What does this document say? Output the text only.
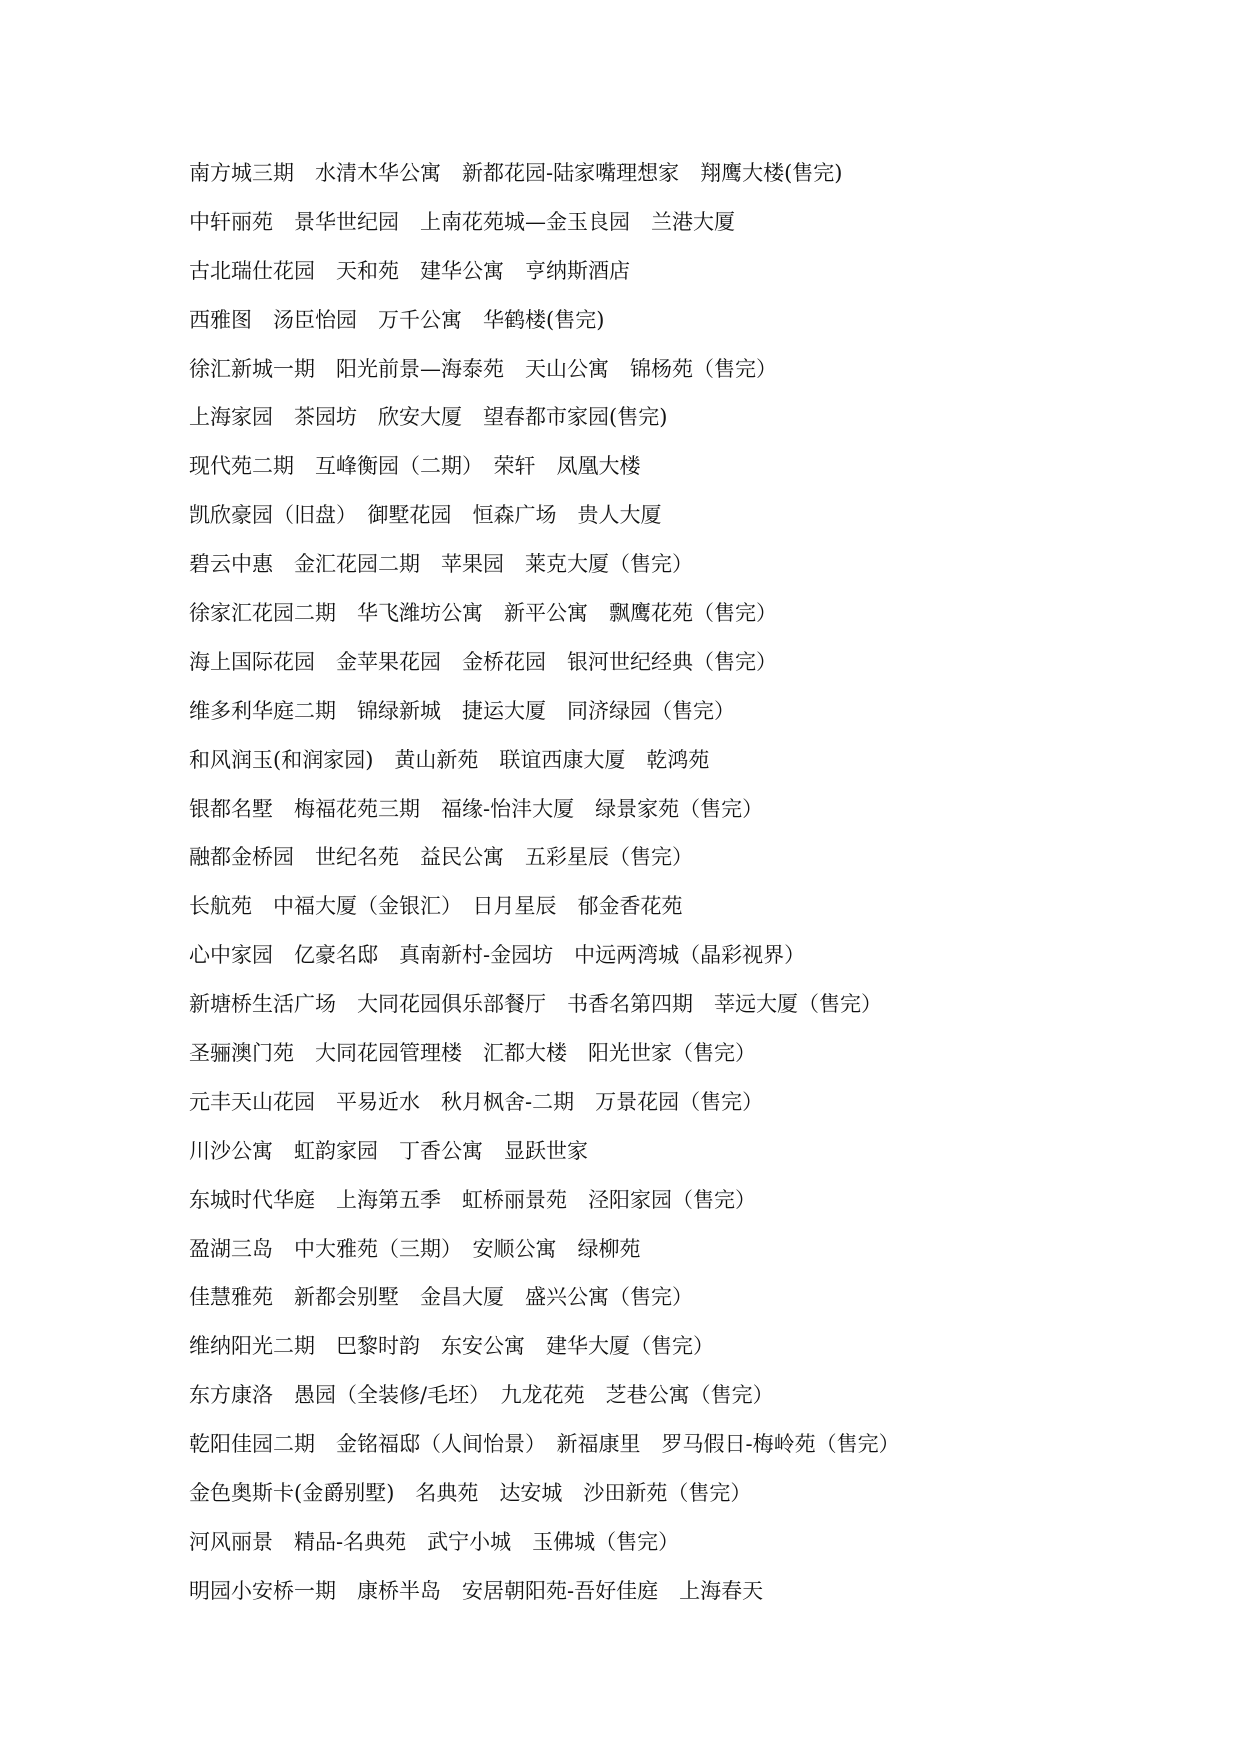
南方城三期　水清木华公寓　新都花园-陆家嘴理想家　翔鹰大楼(售完)
中轩丽苑　景华世纪园　上南花苑城—金玉良园　兰港大厦
古北瑞仕花园　天和苑　建华公寓　亨纳斯酒店
西雅图　汤臣怡园　万千公寓　华鹤楼(售完)
徐汇新城一期　阳光前景—海泰苑　天山公寓　锦杨苑（售完）
上海家园　茶园坊　欣安大厦　望春都市家园(售完)
现代苑二期　互峰衡园（二期）　荣轩　凤凰大楼
凯欣豪园（旧盘）　御墅花园　恒森广场　贵人大厦
碧云中惠　金汇花园二期　苹果园　莱克大厦（售完）
徐家汇花园二期　华飞潍坊公寓　新平公寓　飘鹰花苑（售完）
海上国际花园　金苹果花园　金桥花园　银河世纪经典（售完）
维多利华庭二期　锦绿新城　捷运大厦　同济绿园（售完）
和风润玉(和润家园)　黄山新苑　联谊西康大厦　乾鸿苑
银都名墅　梅福花苑三期　福缘-怡沣大厦　绿景家苑（售完）
融都金桥园　世纪名苑　益民公寓　五彩星辰（售完）
长航苑　中福大厦（金银汇）　日月星辰　郁金香花苑
心中家园　亿豪名邸　真南新村-金园坊　中远两湾城（晶彩视界）
新塘桥生活广场　大同花园俱乐部餐厅　书香名第四期　莘远大厦（售完）
圣骊澳门苑　大同花园管理楼　汇都大楼　阳光世家（售完）
元丰天山花园　平易近水　秋月枫舍-二期　万景花园（售完）
川沙公寓　虹韵家园　丁香公寓　显跃世家
东城时代华庭　上海第五季　虹桥丽景苑　泾阳家园（售完）
盈湖三岛　中大雅苑（三期）　安顺公寓　绿柳苑
佳慧雅苑　新都会别墅　金昌大厦　盛兴公寓（售完）
维纳阳光二期　巴黎时韵　东安公寓　建华大厦（售完）
东方康洛　愚园（全装修/毛坯）　九龙花苑　芝巷公寓（售完）
乾阳佳园二期　金铭福邸（人间怡景）　新福康里　罗马假日-梅岭苑（售完）
金色奥斯卡(金爵别墅)　名典苑　达安城　沙田新苑（售完）
河风丽景　精品-名典苑　武宁小城　玉佛城（售完）
明园小安桥一期　康桥半岛　安居朝阳苑-吾好佳庭　上海春天
